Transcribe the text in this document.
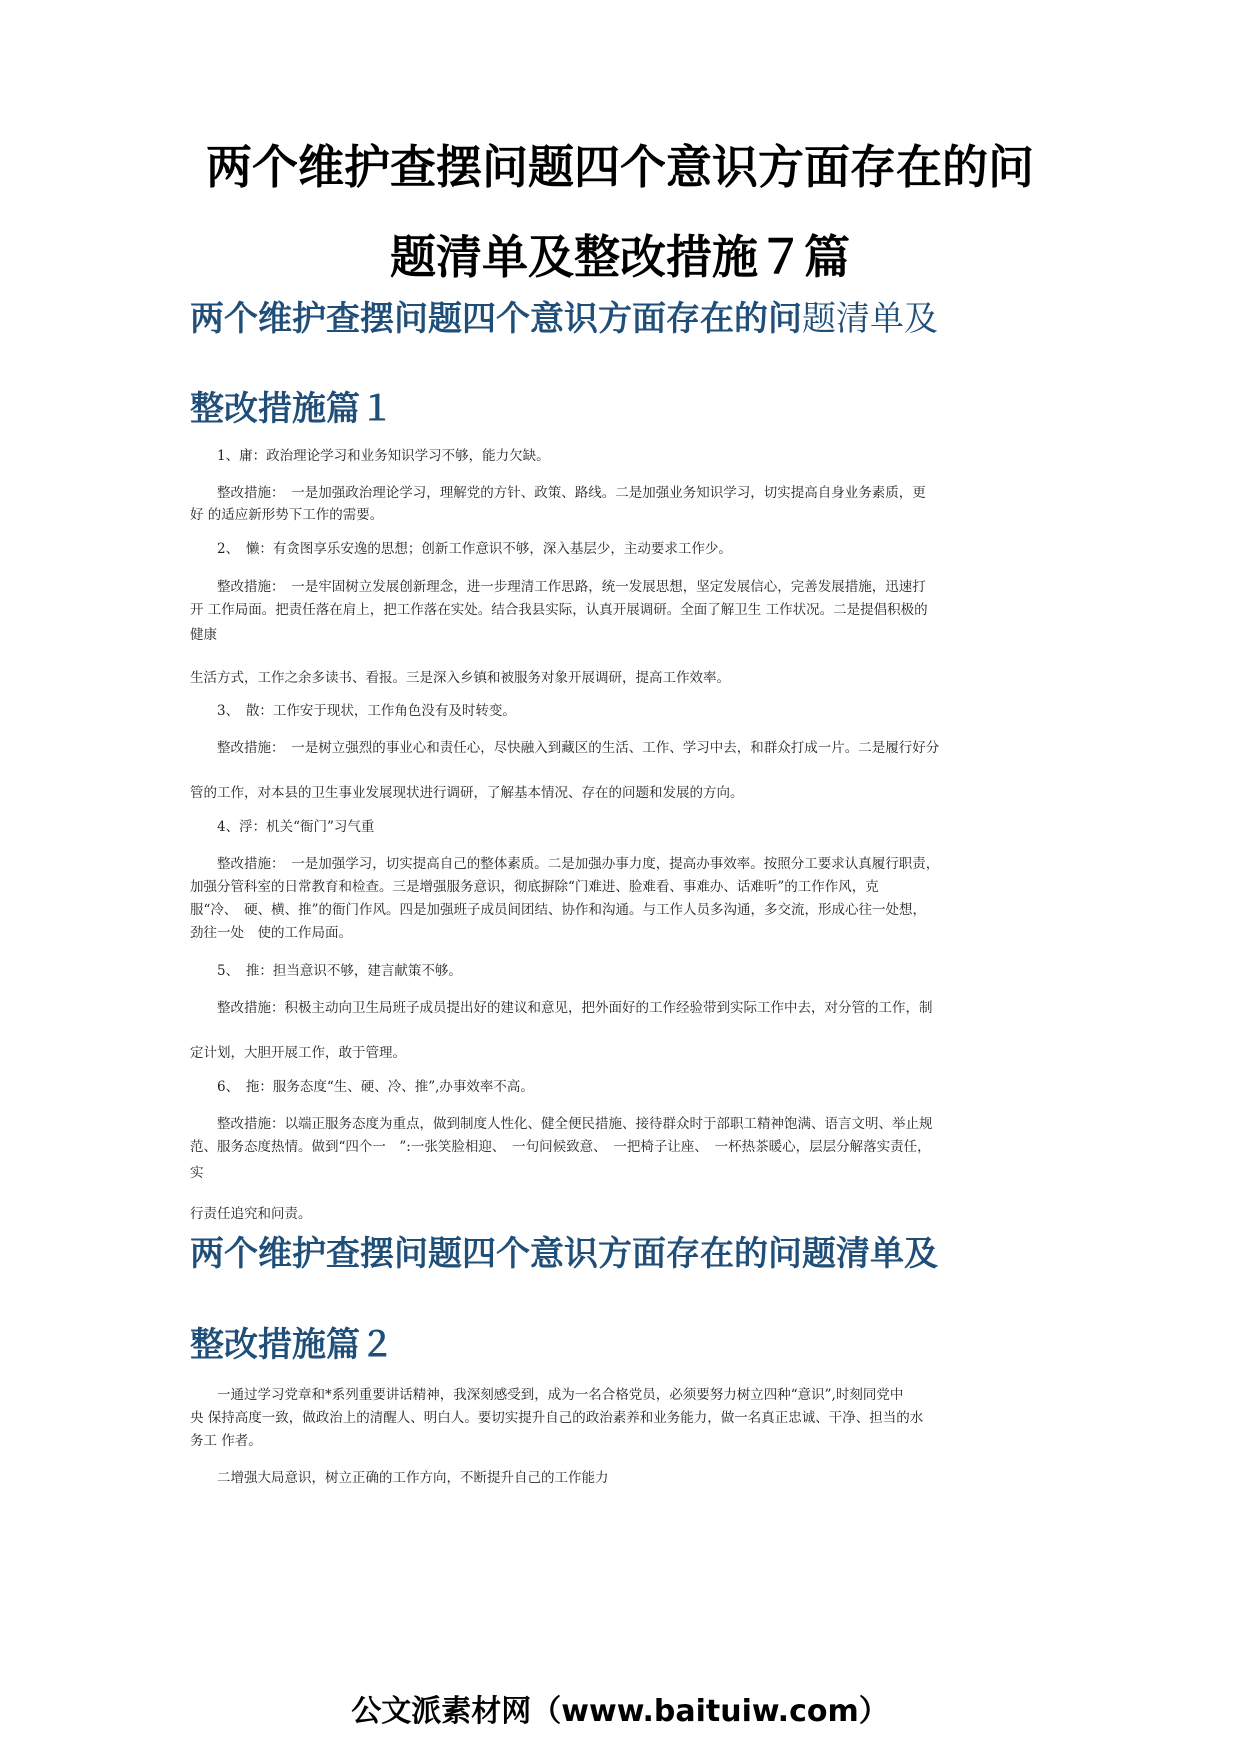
两个维护查摆问题四个意识方面存在的问
题清单及整改措施７篇
两个维护查摆问题四个意识方面存在的问题清单及
整改措施篇１

1、庸：政治理论学习和业务知识学习不够，能力欠缺。

整改措施：　一是加强政治理论学习，理解党的方针、政策、路线。二是加强业务知识学习，切实提高自身业务素质，更

好 的适应新形势下工作的需要。

2、　懒：有贪图享乐安逸的思想；创新工作意识不够，深入基层少，主动要求工作少。

整改措施：　一是牢固树立发展创新理念，进一步理清工作思路，统一发展思想，坚定发展信心，完善发展措施，迅速打

开 工作局面。把责任落在肩上，把工作落在实处。结合我县实际，认真开展调研。全面了解卫生 工作状况。二是提倡积极的

健康

生活方式，工作之余多读书、看报。三是深入乡镇和被服务对象开展调研，提高工作效率。

3、　散：工作安于现状，工作角色没有及时转变。

整改措施：　一是树立强烈的事业心和责任心，尽快融入到藏区的生活、工作、学习中去，和群众打成一片。二是履行好分

管的工作，对本县的卫生事业发展现状进行调研，了解基本情况、存在的问题和发展的方向。

4、浮：机关“衙门”习气重

整改措施：　一是加强学习，切实提高自己的整体素质。二是加强办事力度，提高办事效率。按照分工要求认真履行职责，

加强分管科室的日常教育和检查。三是增强服务意识，彻底摒除“门难进、脸难看、事难办、话难听”的工作作风，克

服“冷、　硬、横、推”的衙门作风。四是加强班子成员间团结、协作和沟通。与工作人员多沟通，多交流，形成心往一处想，

劲往一处　使的工作局面。

5、　推：担当意识不够，建言献策不够。

整改措施：积极主动向卫生局班子成员提出好的建议和意见，把外面好的工作经验带到实际工作中去，对分管的工作，制

定计划，大胆开展工作，敢于管理。

6、　拖：服务态度“生、硬、冷、推”,办事效率不高。

整改措施：以端正服务态度为重点，做到制度人性化、健全便民措施、接待群众时于部职工精神饱满、语言文明、举止规

范、服务态度热情。做到“四个一　”:一张笑脸相迎、　一句问候致意、　一把椅子让座、　一杯热茶暖心，层层分解落实责任，

实

行责任追究和问责。

两个维护查摆问题四个意识方面存在的问题清单及
整改措施篇２

一通过学习党章和*系列重要讲话精神，我深刻感受到，成为一名合格党员，必须要努力树立四种“意识”,时刻同党中

央 保持高度一致，做政治上的清醒人、明白人。要切实提升自己的政治素养和业务能力，做一名真正忠诚、干净、担当的水

务工 作者。

二增强大局意识，树立正确的工作方向，不断提升自己的工作能力

公文派素材网（www.baituiw.com）
